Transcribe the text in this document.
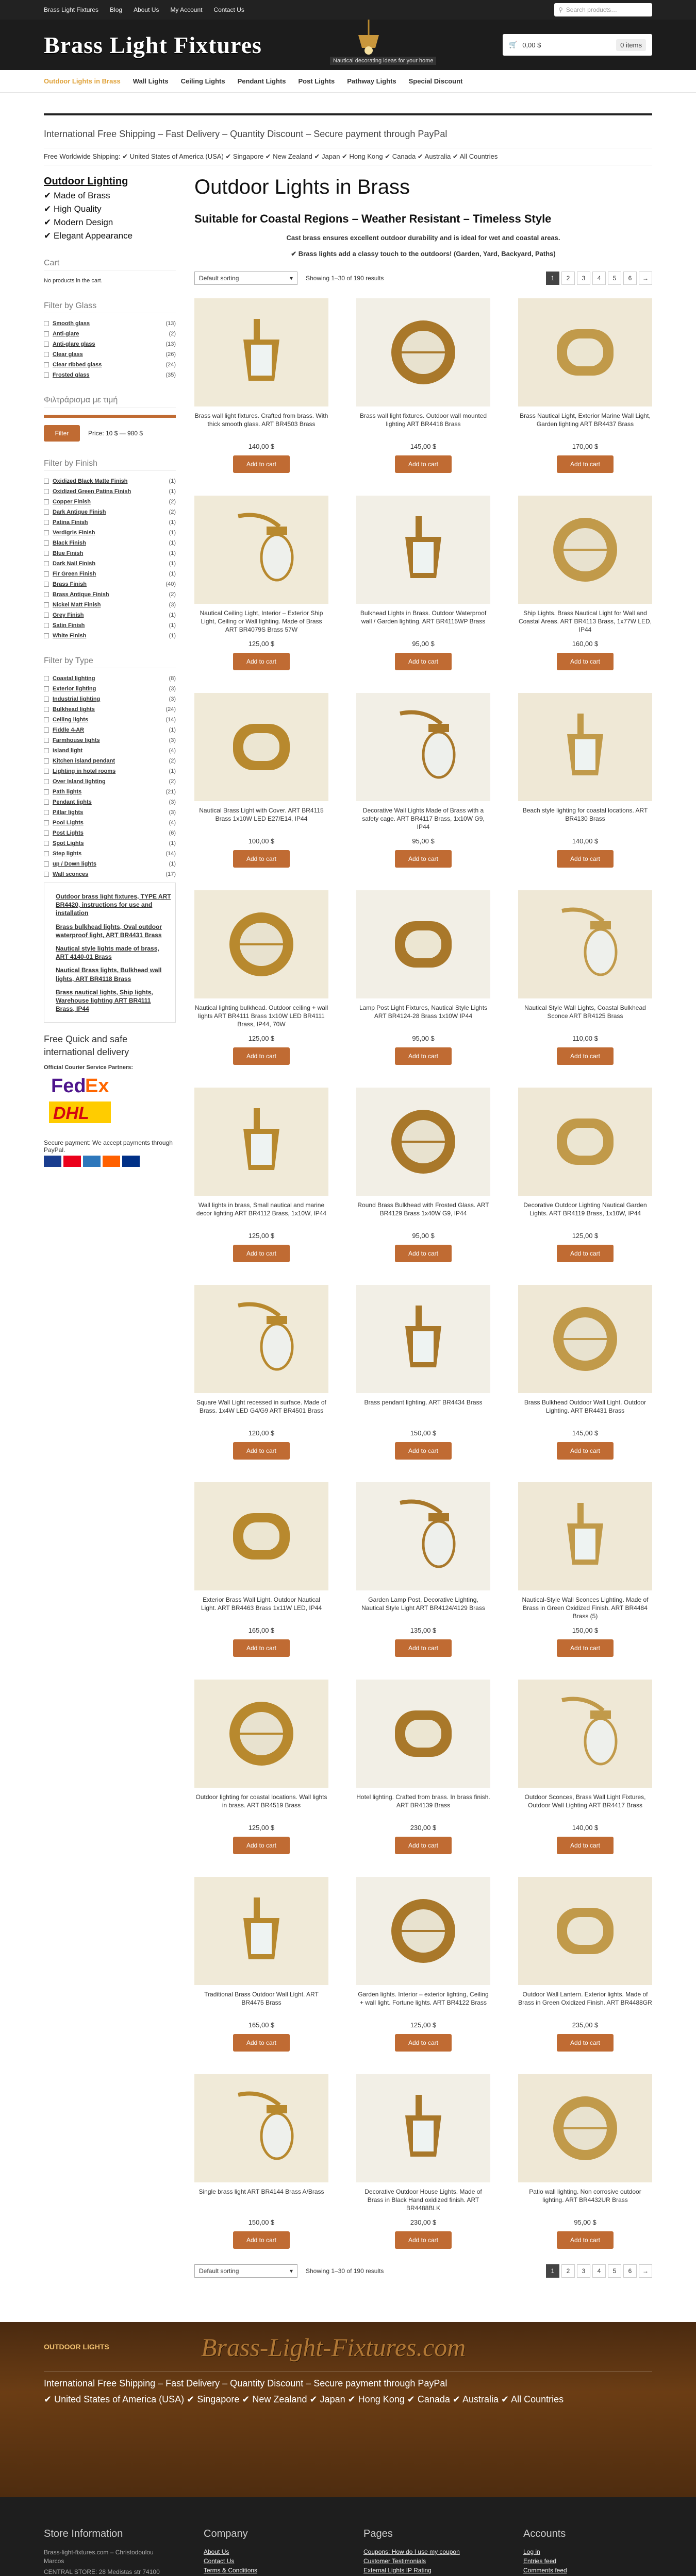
Brass Light Fixtures Blog About Us My Account Contact Us	⚲ Search products…
Brass Light Fixtures
Nautical decorating ideas for your home
🛒 0,00 $	0 items
Outdoor Lights in Brass Wall Lights Ceiling Lights Pendant Lights Post Lights Pathway Lights Special Discount
International Free Shipping – Fast Delivery – Quantity Discount – Secure payment through PayPal
Free Worldwide Shipping: ✔ United States of America (USA) ✔ Singapore ✔ New Zealand ✔ Japan ✔ Hong Kong ✔ Canada ✔ Australia ✔ All Countries
Outdoor Lighting
✔ Made of Brass
✔ High Quality
✔ Modern Design
✔ Elegant Appearance
Cart
No products in the cart.
Filter by Glass
Smooth glass	(13)
Anti-glare	(2)
Anti-glare glass	(13)
Clear glass	(26)
Clear ribbed glass	(24)
Frosted glass	(35)
Φιλτράρισμα με τιμή
Filter	Price: 10 $ — 980 $
Filter by Finish
Oxidized Black Matte Finish	(1)
Oxidized Green Patina Finish	(1)
Copper Finish	(2)
Dark Antique Finish	(2)
Patina Finish	(1)
Verdigris Finish	(1)
Black Finish	(1)
Blue Finish	(1)
Dark Nail Finish	(1)
Fir Green Finish	(1)
Brass Finish	(40)
Brass Antique Finish	(2)
Nickel Matt Finish	(3)
Grey Finish	(1)
Satin Finish	(1)
White Finish	(1)
Filter by Type
Coastal lighting	(8)
Exterior lighting	(3)
Industrial lighting	(3)
Bulkhead lights	(24)
Ceiling lights	(14)
Fiddle 4-AR	(1)
Farmhouse lights	(3)
Island light	(4)
Kitchen island pendant	(2)
Lighting in hotel rooms	(1)
Over Island lighting	(2)
Path lights	(21)
Pendant lights	(3)
Pillar lights	(3)
Pool Lights	(4)
Post Lights	(6)
Spot Lights	(1)
Step lights	(14)
up / Down lights	(1)
Wall sconces	(17)
Outdoor brass light fixtures, TYPE ART BR4420, instructions for use and installation
Brass bulkhead lights, Oval outdoor waterproof light, ART BR4431 Brass
Nautical style lights made of brass, ART 4140-01 Brass
Nautical Brass lights, Bulkhead wall lights, ART BR4118 Brass
Brass nautical lights, Ship lights, Warehouse lighting ART BR4111 Brass, IP44
Free Quick and safe international delivery
Official Courier Service Partners:
Fed
Ex
DHL
Secure payment: We accept payments through PayPal.
Outdoor Lights in Brass
Suitable for Coastal Regions – Weather Resistant – Timeless Style
Cast brass ensures excellent outdoor durability and is ideal for wet and coastal areas.
✔ Brass lights add a classy touch to the outdoors! (Garden, Yard, Backyard, Paths)
Default sorting	▾ Showing 1–30 of 190 results	1	2	3	4	5	6	→
Brass wall light fixtures. Crafted from brass. With thick smooth glass. ART BR4503 Brass
140,00 $
Add to cart
Brass wall light fixtures. Outdoor wall mounted lighting ART BR4418 Brass
145,00 $
Add to cart
Brass Nautical Light, Exterior Marine Wall Light, Garden lighting ART BR4437 Brass
170,00 $
Add to cart
Nautical Ceiling Light, Interior – Exterior Ship Light, Ceiling or Wall lighting. Made of Brass ART BR4079S Brass 57W
125,00 $
Add to cart
Bulkhead Lights in Brass. Outdoor Waterproof wall / Garden lighting. ART BR4115WP Brass
95,00 $
Add to cart
Ship Lights. Brass Nautical Light for Wall and Coastal Areas. ART BR4113 Brass, 1x77W LED, IP44
160,00 $
Add to cart
Nautical Brass Light with Cover. ART BR4115 Brass 1x10W LED E27/E14, IP44
100,00 $
Add to cart
Decorative Wall Lights Made of Brass with a safety cage. ART BR4117 Brass, 1x10W G9, IP44
95,00 $
Add to cart
Beach style lighting for coastal locations. ART BR4130 Brass
140,00 $
Add to cart
Nautical lighting bulkhead. Outdoor ceiling + wall lights ART BR4111 Brass 1x10W LED BR4111 Brass, IP44, 70W
125,00 $
Add to cart
Lamp Post Light Fixtures, Nautical Style Lights ART BR4124-28 Brass 1x10W IP44
95,00 $
Add to cart
Nautical Style Wall Lights, Coastal Bulkhead Sconce ART BR4125 Brass
110,00 $
Add to cart
Wall lights in brass, Small nautical and marine decor lighting ART BR4112 Brass, 1x10W, IP44
125,00 $
Add to cart
Round Brass Bulkhead with Frosted Glass. ART BR4129 Brass 1x40W G9, IP44
95,00 $
Add to cart
Decorative Outdoor Lighting Nautical Garden Lights. ART BR4119 Brass, 1x10W, IP44
125,00 $
Add to cart
Square Wall Light recessed in surface. Made of Brass. 1x4W LED G4/G9 ART BR4501 Brass
120,00 $
Add to cart
Brass pendant lighting. ART BR4434 Brass
150,00 $
Add to cart
Brass Bulkhead Outdoor Wall Light. Outdoor Lighting. ART BR4431 Brass
145,00 $
Add to cart
Exterior Brass Wall Light. Outdoor Nautical Light. ART BR4463 Brass 1x11W LED, IP44
165,00 $
Add to cart
Garden Lamp Post, Decorative Lighting, Nautical Style Light ART BR4124/4129 Brass
135,00 $
Add to cart
Nautical-Style Wall Sconces Lighting. Made of Brass in Green Oxidized Finish. ART BR4484 Brass (5)
150,00 $
Add to cart
Outdoor lighting for coastal locations. Wall lights in brass. ART BR4519 Brass
125,00 $
Add to cart
Hotel lighting. Crafted from brass. In brass finish. ART BR4139 Brass
230,00 $
Add to cart
Outdoor Sconces, Brass Wall Light Fixtures, Outdoor Wall Lighting ART BR4417 Brass
140,00 $
Add to cart
Traditional Brass Outdoor Wall Light. ART BR4475 Brass
165,00 $
Add to cart
Garden lights. Interior – exterior lighting, Ceiling + wall light. Fortune lights. ART BR4122 Brass
125,00 $
Add to cart
Outdoor Wall Lantern. Exterior lights. Made of Brass in Green Oxidized Finish. ART BR4488GR
235,00 $
Add to cart
Single brass light ART BR4144 Brass A/Brass
150,00 $
Add to cart
Decorative Outdoor House Lights. Made of Brass in Black Hand oxidized finish. ART BR4488BLK
230,00 $
Add to cart
Patio wall lighting. Non corrosive outdoor lighting. ART BR4432UR Brass
95,00 $
Add to cart
Default sorting	▾ Showing 1–30 of 190 results	1	2	3	4	5	6	→
OUTDOOR LIGHTS	Brass-Light-Fixtures.com
International Free Shipping – Fast Delivery – Quantity Discount – Secure payment through PayPal
✔ United States of America (USA) ✔ Singapore ✔ New Zealand ✔ Japan ✔ Hong Kong ✔ Canada ✔ Australia ✔ All Countries
Store Information

Brass-light-fixtures.com – Christodoulou Marcos

CENTRAL STORE: 28 Medistas str 74100

Company
About Us
Contact Us
Terms & Conditions
Pages
Coupons: How do I use my coupon
Customer Testimonials
External Lights IP Rating
Accounts
Log in
Entries feed
Comments feed
